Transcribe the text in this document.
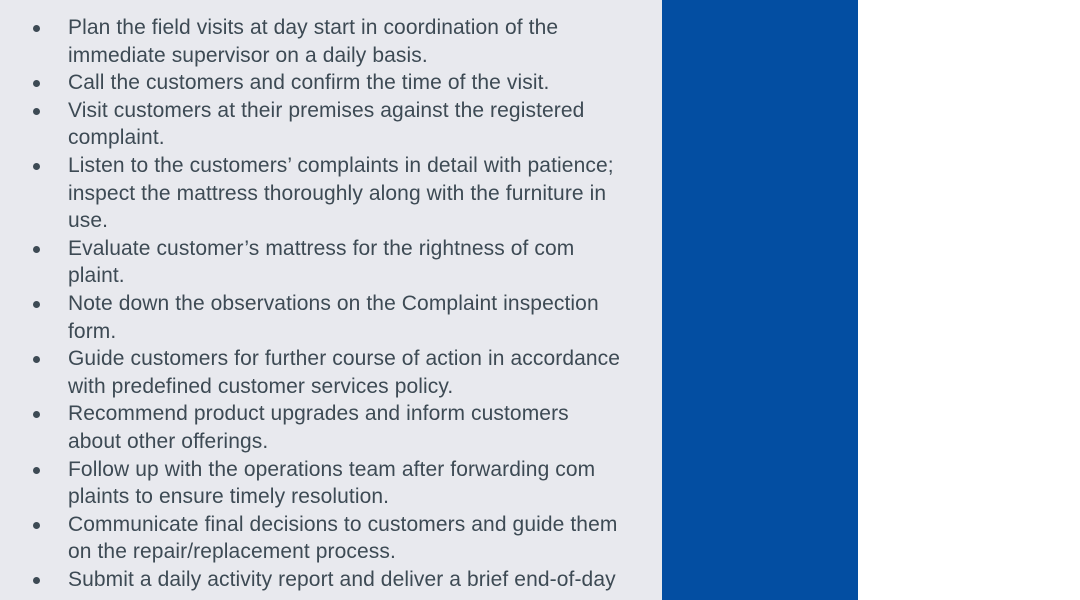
Plan the field visits at day start in coordination of the
immediate supervisor on a daily basis.
Call the customers and confirm the time of the visit.
Visit customers at their premises against the registered
complaint.
Listen to the customers’ complaints in detail with patience;
inspect the mattress thoroughly along with the furniture in
use.
Evaluate customer’s mattress for the rightness of com
plaint.
Note down the observations on the Complaint inspection
form.
Guide customers for further course of action in accordance
with predefined customer services policy.
Recommend product upgrades and inform customers
about other offerings.
Follow up with the operations team after forwarding com
plaints to ensure timely resolution.
Communicate final decisions to customers and guide them
on the repair/replacement process.
Submit a daily activity report and deliver a brief end-of-day
